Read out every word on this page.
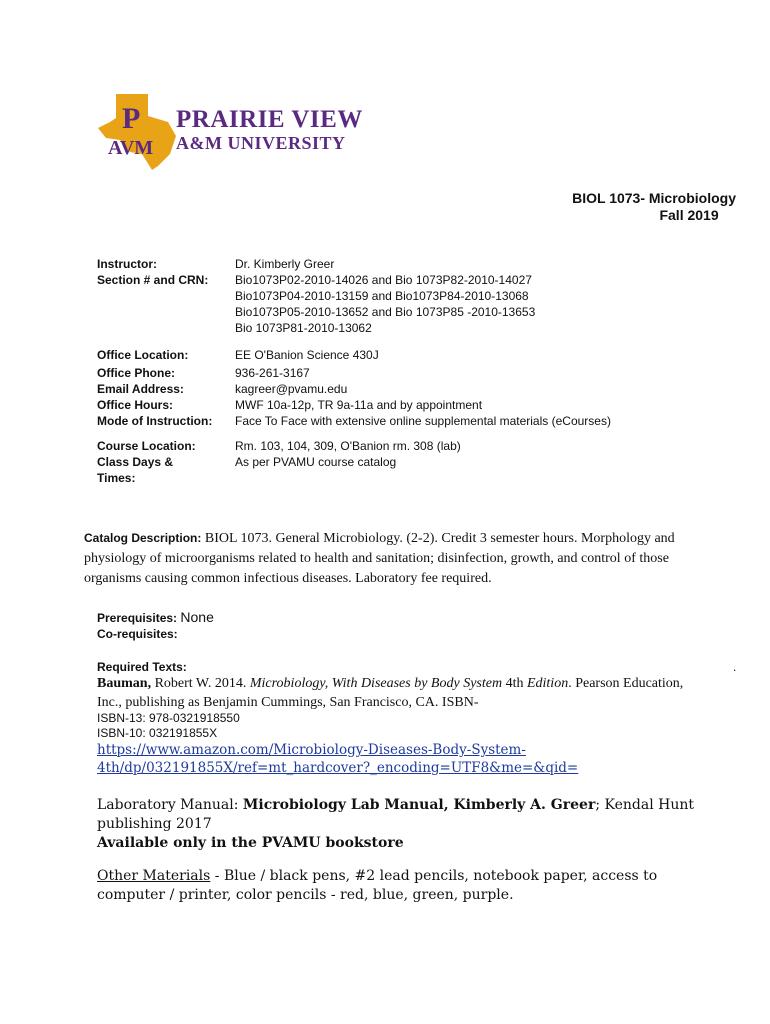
P
AVM
PRAIRIE VIEW
A&M UNIVERSITY
BIOL 1073- Microbiology
Fall 2019
Instructor:	Dr. Kimberly Greer
Section # and CRN:	Bio1073P02-2010-14026 and Bio 1073P82-2010-14027
Bio1073P04-2010-13159 and Bio1073P84-2010-13068
Bio1073P05-2010-13652 and Bio 1073P85 -2010-13653
Bio 1073P81-2010-13062
Office Location:	EE O'Banion Science 430J
Office Phone:	936-261-3167
Email Address:	kagreer@pvamu.edu
Office Hours:	MWF 10a-12p, TR 9a-11a and by appointment
Mode of Instruction:	Face To Face with extensive online supplemental materials (eCourses)
Course Location:	Rm. 103, 104, 309, O'Banion rm. 308 (lab)
Class Days &
Times:
As per PVAMU course catalog
Catalog Description: BIOL 1073. General Microbiology. (2-2). Credit 3 semester hours. Morphology and physiology of microorganisms related to health and sanitation; disinfection, growth, and control of those organisms causing common infectious diseases. Laboratory fee required.
Prerequisites: None
Co-requisites:
Required Texts:	.
Bauman, Robert W. 2014. Microbiology, With Diseases by Body System 4th Edition. Pearson Education, Inc., publishing as Benjamin Cummings, San Francisco, CA. ISBN-
ISBN-13: 978-0321918550
ISBN-10: 032191855X
https://www.amazon.com/Microbiology-Diseases-Body-System-
4th/dp/032191855X/ref=mt_hardcover?_encoding=UTF8&me=&qid=
Laboratory Manual: Microbiology Lab Manual, Kimberly A. Greer; Kendal Hunt publishing 2017
Available only in the PVAMU bookstore
Other Materials - Blue / black pens, #2 lead pencils, notebook paper, access to computer / printer, color pencils - red, blue, green, purple.
